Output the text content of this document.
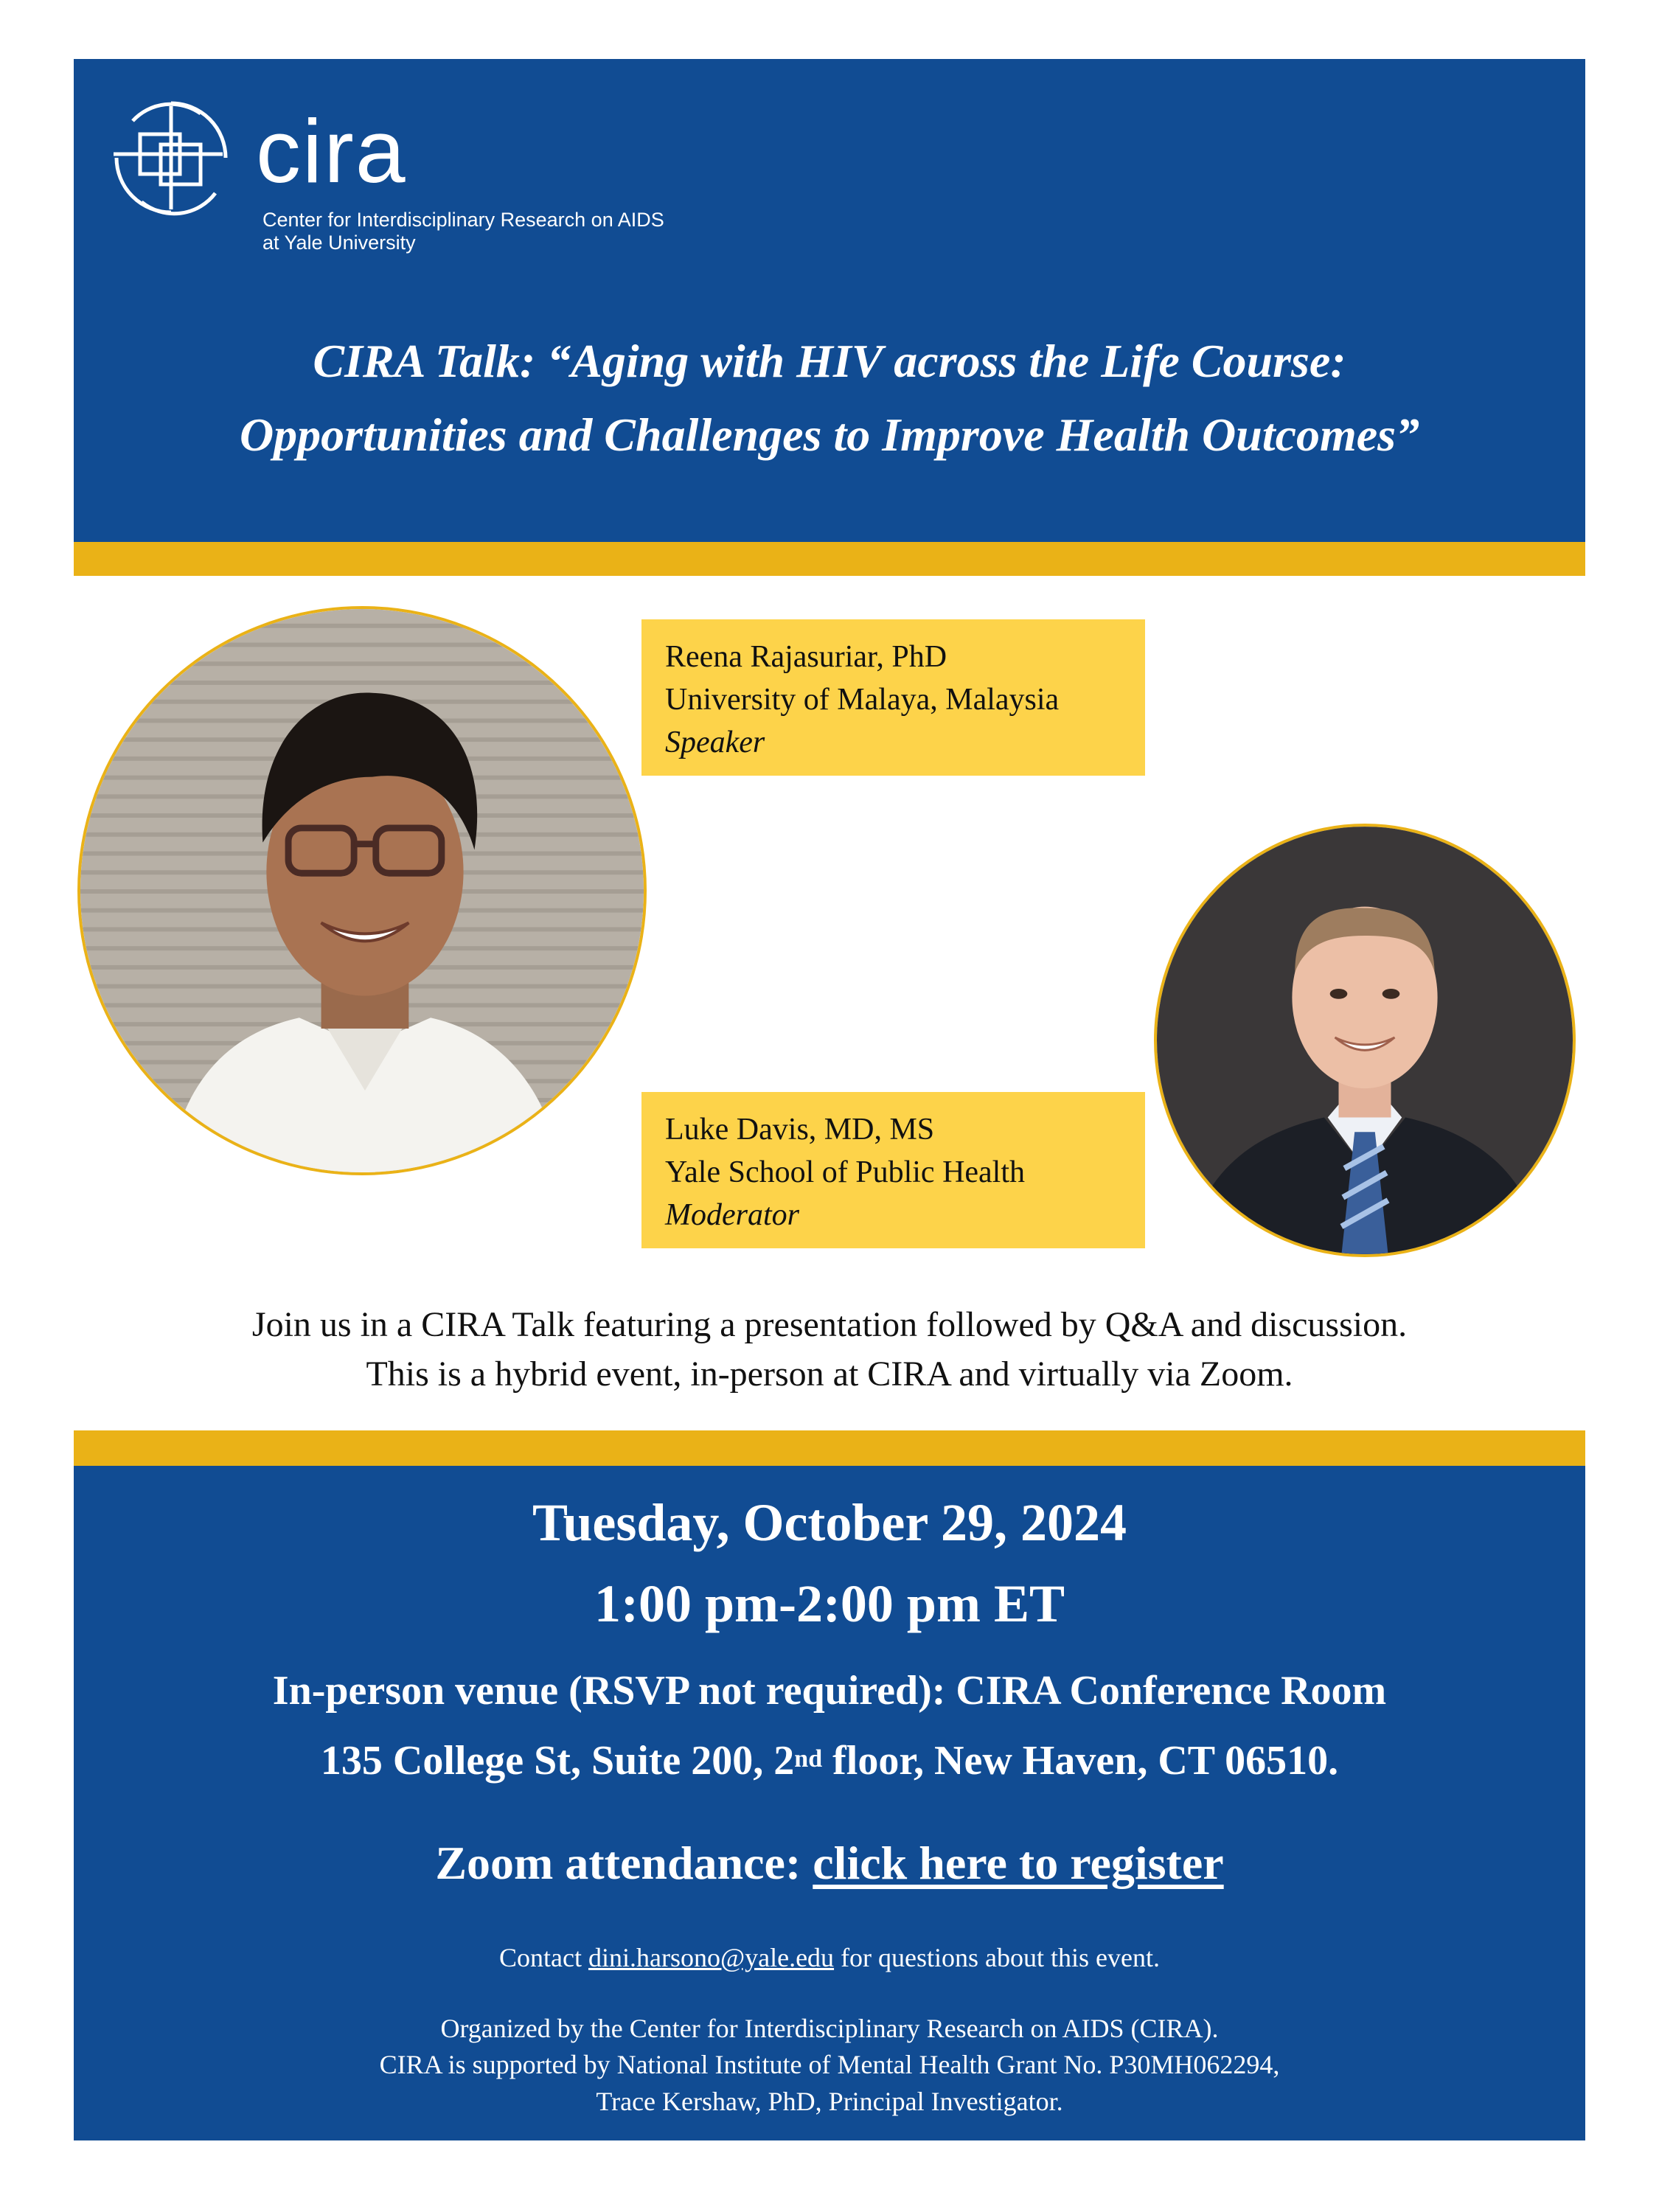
cira
Center for Interdisciplinary Research on AIDS
at Yale University
CIRA Talk: “Aging with HIV across the Life Course:
Opportunities and Challenges to Improve Health Outcomes”
Reena Rajasuriar, PhD
University of Malaya, Malaysia
Speaker
Luke Davis, MD, MS
Yale School of Public Health
Moderator
Join us in a CIRA Talk featuring a presentation followed by Q&A and discussion.
This is a hybrid event, in-person at CIRA and virtually via Zoom.
Tuesday, October 29, 2024
1:00 pm-2:00 pm ET
In-person venue (RSVP not required): CIRA Conference Room
135 College St, Suite 200, 2nd floor, New Haven, CT 06510.
Zoom attendance: click here to register
Contact dini.harsono@yale.edu for questions about this event.
Organized by the Center for Interdisciplinary Research on AIDS (CIRA).
CIRA is supported by National Institute of Mental Health Grant No. P30MH062294,
Trace Kershaw, PhD, Principal Investigator.
